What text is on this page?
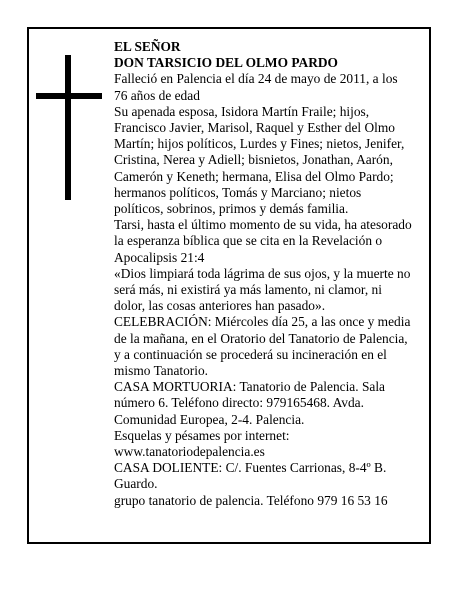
EL SEÑOR

DON TARSICIO DEL OLMO PARDO

Falleció en Palencia el día 24 de mayo de 2011, a los 76 años de edad

Su apenada esposa, Isidora Martín Fraile; hijos, Francisco Javier, Marisol, Raquel y Esther del Olmo Martín; hijos políticos, Lurdes y Fines; nietos, Jenifer, Cristina, Nerea y Adiell; bisnietos, Jonathan, Aarón, Camerón y Keneth; hermana, Elisa del Olmo Pardo; hermanos políticos, Tomás y Marciano; nietos políticos, sobrinos, primos y demás familia.

Tarsi, hasta el último momento de su vida, ha atesorado la esperanza bíblica que se cita en la Revelación o Apocalipsis 21:4

«Dios limpiará toda lágrima de sus ojos, y la muerte no será más, ni existirá ya más lamento, ni clamor, ni dolor, las cosas anteriores han pasado».

CELEBRACIÓN: Miércoles día 25, a las once y media de la mañana, en el Oratorio del Tanatorio de Palencia, y a continuación se procederá su incineración en el mismo Tanatorio.

CASA MORTUORIA: Tanatorio de Palencia. Sala número 6. Teléfono directo: 979165468. Avda. Comunidad Europea, 2-4. Palencia.

Esquelas y pésames por internet:

www.tanatoriodepalencia.es

CASA DOLIENTE: C/. Fuentes Carrionas, 8-4º B. Guardo.

grupo tanatorio de palencia. Teléfono 979 16 53 16
